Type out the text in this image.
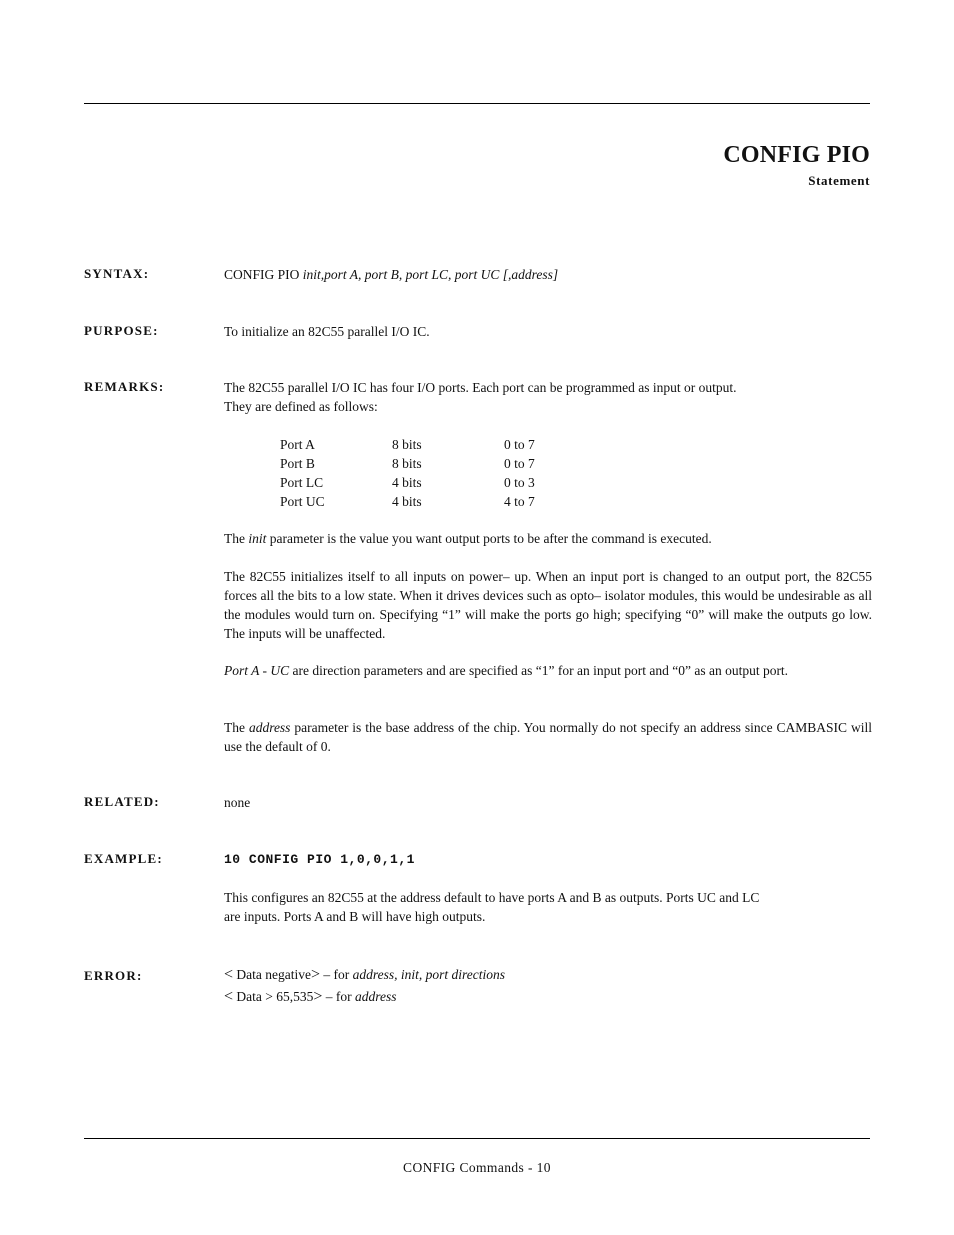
CONFIG PIO
Statement
SYNTAX:	CONFIG PIO init,port A, port B, port LC, port UC [,address]
PURPOSE:	To initialize an 82C55 parallel I/O IC.
REMARKS:	The 82C55 parallel I/O IC has four I/O ports. Each port can be programmed as input or output.
They are defined as follows:
Port A	8 bits	0 to 7
Port B	8 bits	0 to 7
Port LC	4 bits	0 to 3
Port UC	4 bits	4 to 7
The init parameter is the value you want output ports to be after the command is executed.
The 82C55 initializes itself to all inputs on power– up. When an input port is changed to an output port, the 82C55 forces all the bits to a low state. When it drives devices such as opto– isolator modules, this would be undesirable as all the modules would turn on. Specifying “1” will make the ports go high; specifying “0” will make the outputs go low. The inputs will be unaffected.
Port A - UC are direction parameters and are specified as “1” for an input port and “0” as an output port.
The address parameter is the base address of the chip. You normally do not specify an address since CAMBASIC will use the default of 0.
RELATED:	none
EXAMPLE:	10 CONFIG PIO 1,0,0,1,1
This configures an 82C55 at the address default to have ports A and B as outputs. Ports UC and LC
are inputs. Ports A and B will have high outputs.
ERROR:	< Data negative> – for address, init, port directions
< Data > 65,535> – for address
CONFIG Commands - 10
